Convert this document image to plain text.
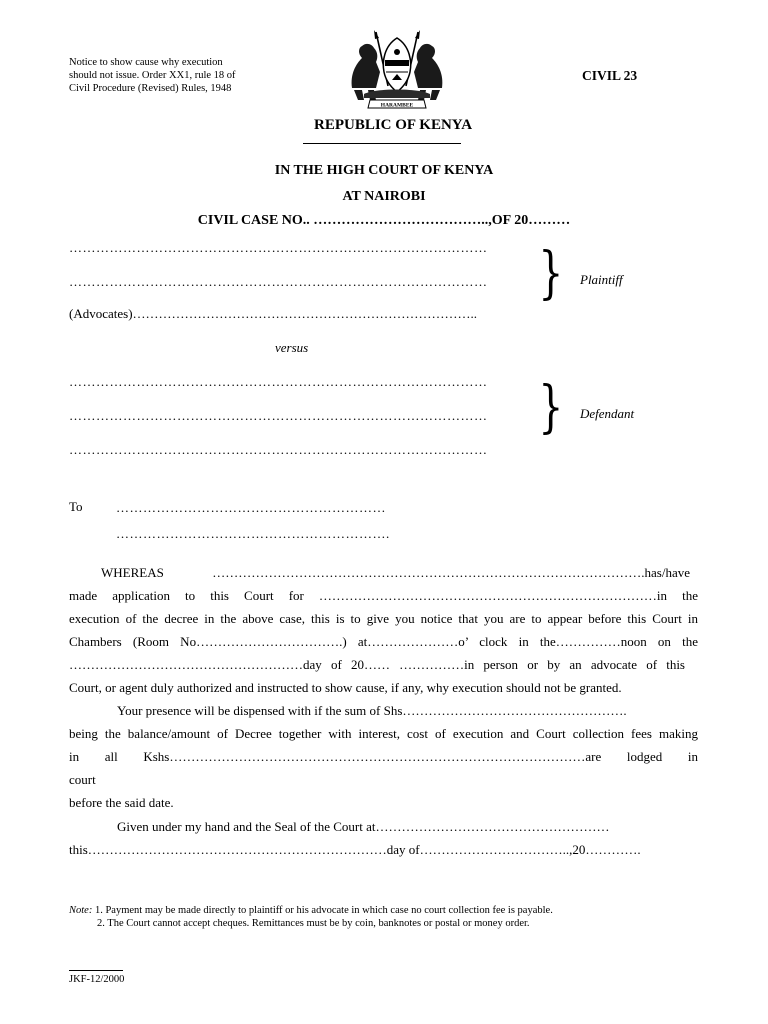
Notice to show cause why execution should not issue. Order XX1, rule 18 of Civil Procedure (Revised) Rules, 1948
CIVIL 23
HARAMBEE
REPUBLIC OF KENYA
IN THE HIGH COURT OF KENYA
AT NAIROBI
CIVIL CASE NO.. ………………………………..,OF 20………
…………………………………………………………………………………
………………………………………………………………………………… } Plaintiff
(Advocates)……………………………………………………………………..
versus
…………………………………………………………………………………
…………………………………………………………………………………
…………………………………………………………………………………
} Defendant
To	……………………………………………………
…………………………………………………….
WHEREAS ……………………………………………………………………………………….has/have
made application to this Court for ……………………………………………………………………in the
execution of the decree in the above case, this is to give you notice that you are to appear before this Court in
Chambers (Room No…………………………….) at…………………o’ clock in the……………noon on the
………………………………………………day of 20…… ……………in person or by an advocate of this
Court, or agent duly authorized and instructed to show cause, if any, why execution should not be granted.
Your presence will be dispensed with if the sum of Shs…………………………………………….
being the balance/amount of Decree together with interest, cost of execution and Court collection fees making
in all Kshs……………………………………………………………………………………are lodged in
court
before the said date.
Given under my hand and the Seal of the Court at………………………………………………
this……………………………………………………………day of……………………………..,20………….
Note: 1. Payment may be made directly to plaintiff or his advocate in which case no court collection fee is payable.
2. The Court cannot accept cheques. Remittances must be by coin, banknotes or postal or money order.
JKF-12/2000
